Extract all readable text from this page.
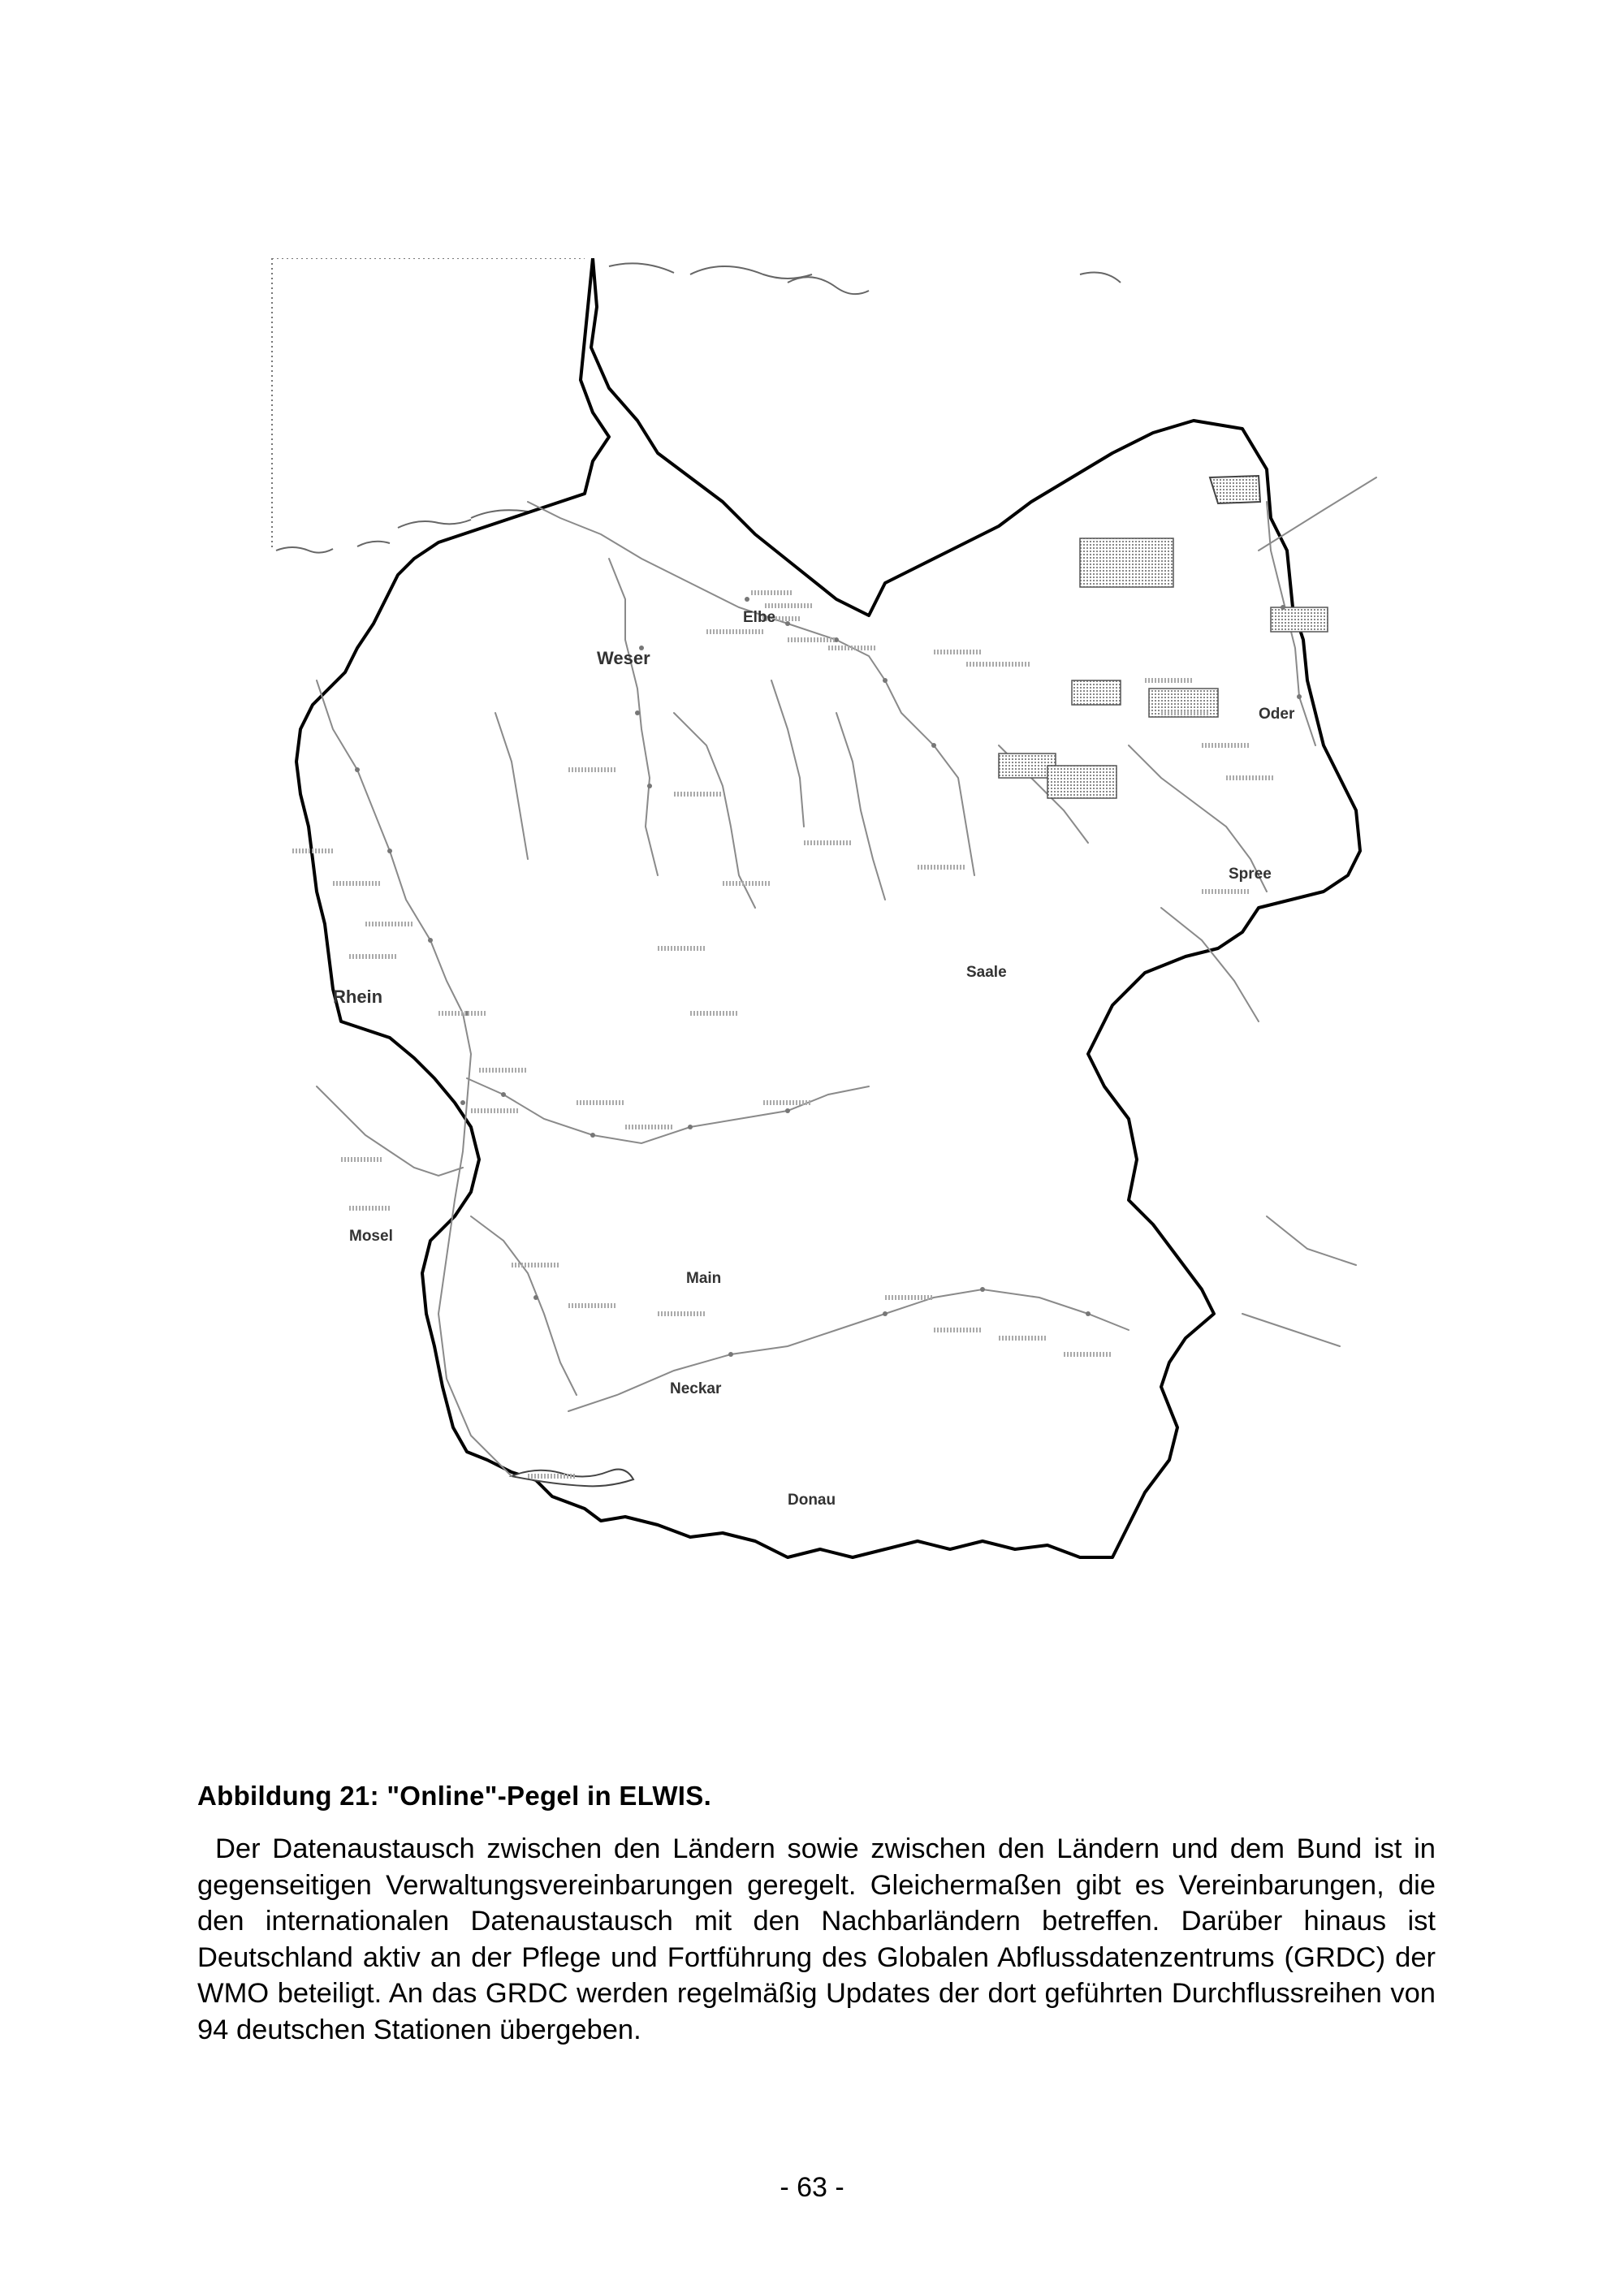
Elbe
Weser
Rhein
Mosel
Main
Neckar
Donau
Oder
Spree
Saale
Abbildung 21: "Online"-Pegel in ELWIS.

Der Datenaustausch zwischen den Ländern sowie zwischen den Ländern und dem Bund ist in gegenseitigen Verwaltungsvereinbarungen geregelt. Gleichermaßen gibt es Vereinbarungen, die den internationalen Datenaustausch mit den Nachbarländern betreffen. Darüber hinaus ist Deutschland aktiv an der Pflege und Fortführung des Globalen Abflussdatenzentrums (GRDC) der WMO beteiligt. An das GRDC werden regelmäßig Updates der dort geführten Durchflussreihen von 94 deutschen Stationen übergeben.

- 63 -
